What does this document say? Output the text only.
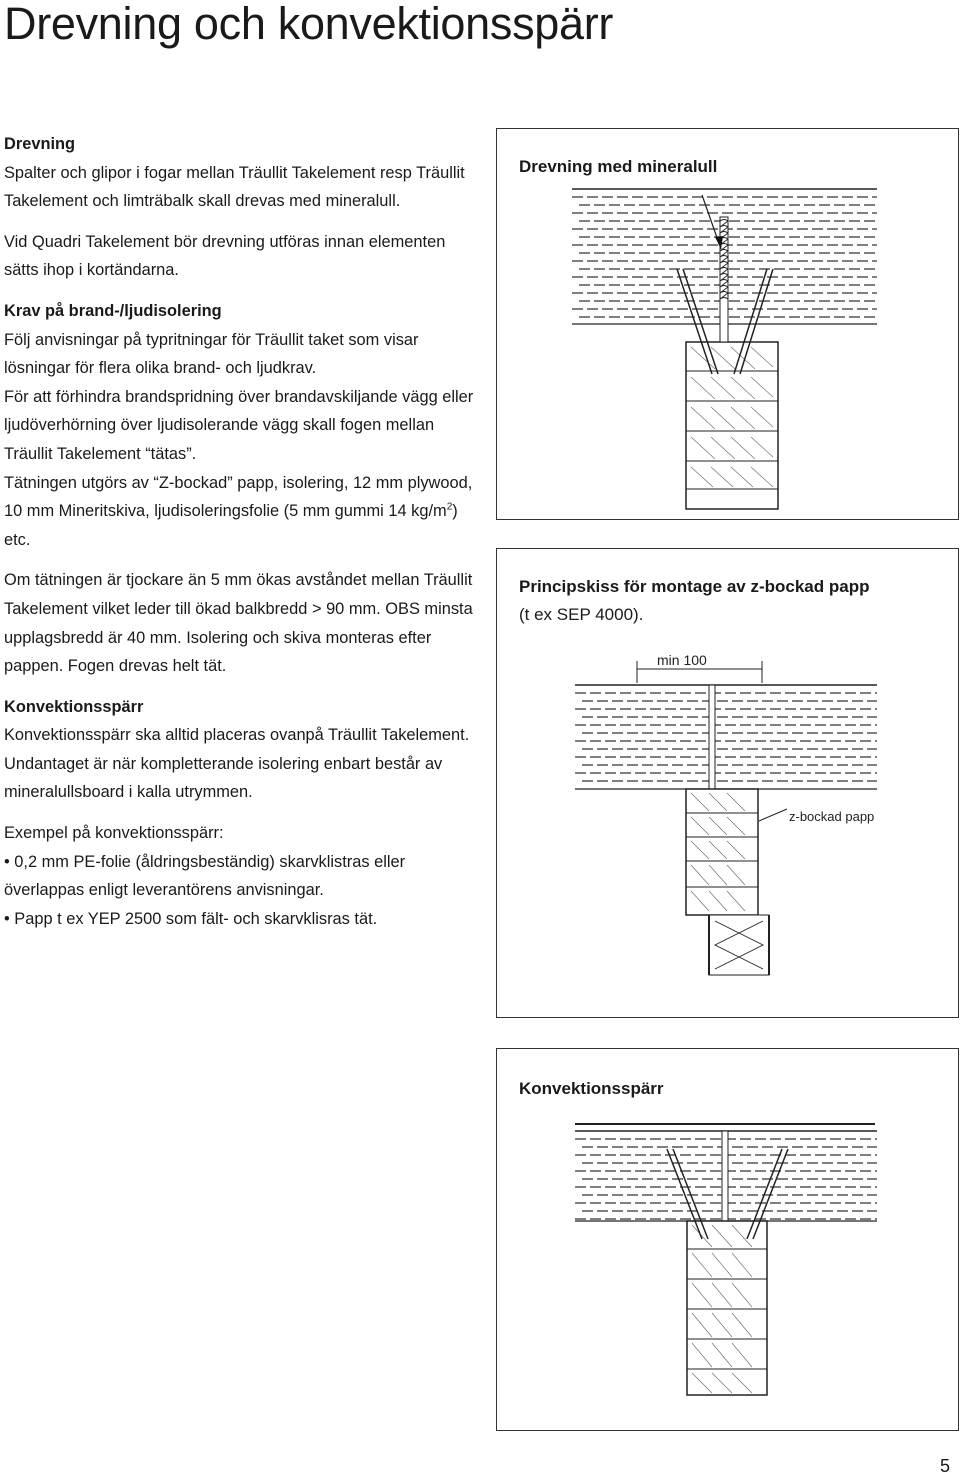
Drevning och konvektionsspärr

Drevning

Spalter och glipor i fogar mellan Träullit Takelement resp Träullit Takelement och limträbalk skall drevas med mineralull.

Vid Quadri Takelement bör drevning utföras innan elementen sätts ihop i kortändarna.

Krav på brand-/ljudisolering

Följ anvisningar på typritningar för Träullit taket som visar lösningar för flera olika brand- och ljudkrav.

För att förhindra brandspridning över brandavskiljande vägg eller ljudöverhörning över ljudisolerande vägg skall fogen mellan Träullit Takelement “tätas”.

Tätningen utgörs av “Z-bockad” papp, isolering, 12 mm plywood, 10 mm Mineritskiva, ljudisoleringsfolie (5 mm gummi 14 $kg/m^2$) etc.

Om tätningen är tjockare än 5 mm ökas avståndet mellan Träullit Takelement vilket leder till ökad balkbredd > 90 mm. OBS minsta upplagsbredd är 40 mm. Isolering och skiva monteras efter pappen. Fogen drevas helt tät.

Konvektionsspärr

Konvektionsspärr ska alltid placeras ovanpå Träullit Takelement. Undantaget är när kompletterande isolering enbart består av mineralullsboard i kalla utrymmen.

Exempel på konvektionsspärr:

• 0,2 mm PE-folie (åldringsbeständig) skarvklistras eller överlappas enligt leverantörens anvisningar.

• Papp t ex YEP 2500 som fält- och skarvklisras tät.

Drevning med mineralull
Principskiss för montage av z-bockad papp
(t ex SEP 4000).
min 100
z-bockad papp
Konvektionsspärr
5
